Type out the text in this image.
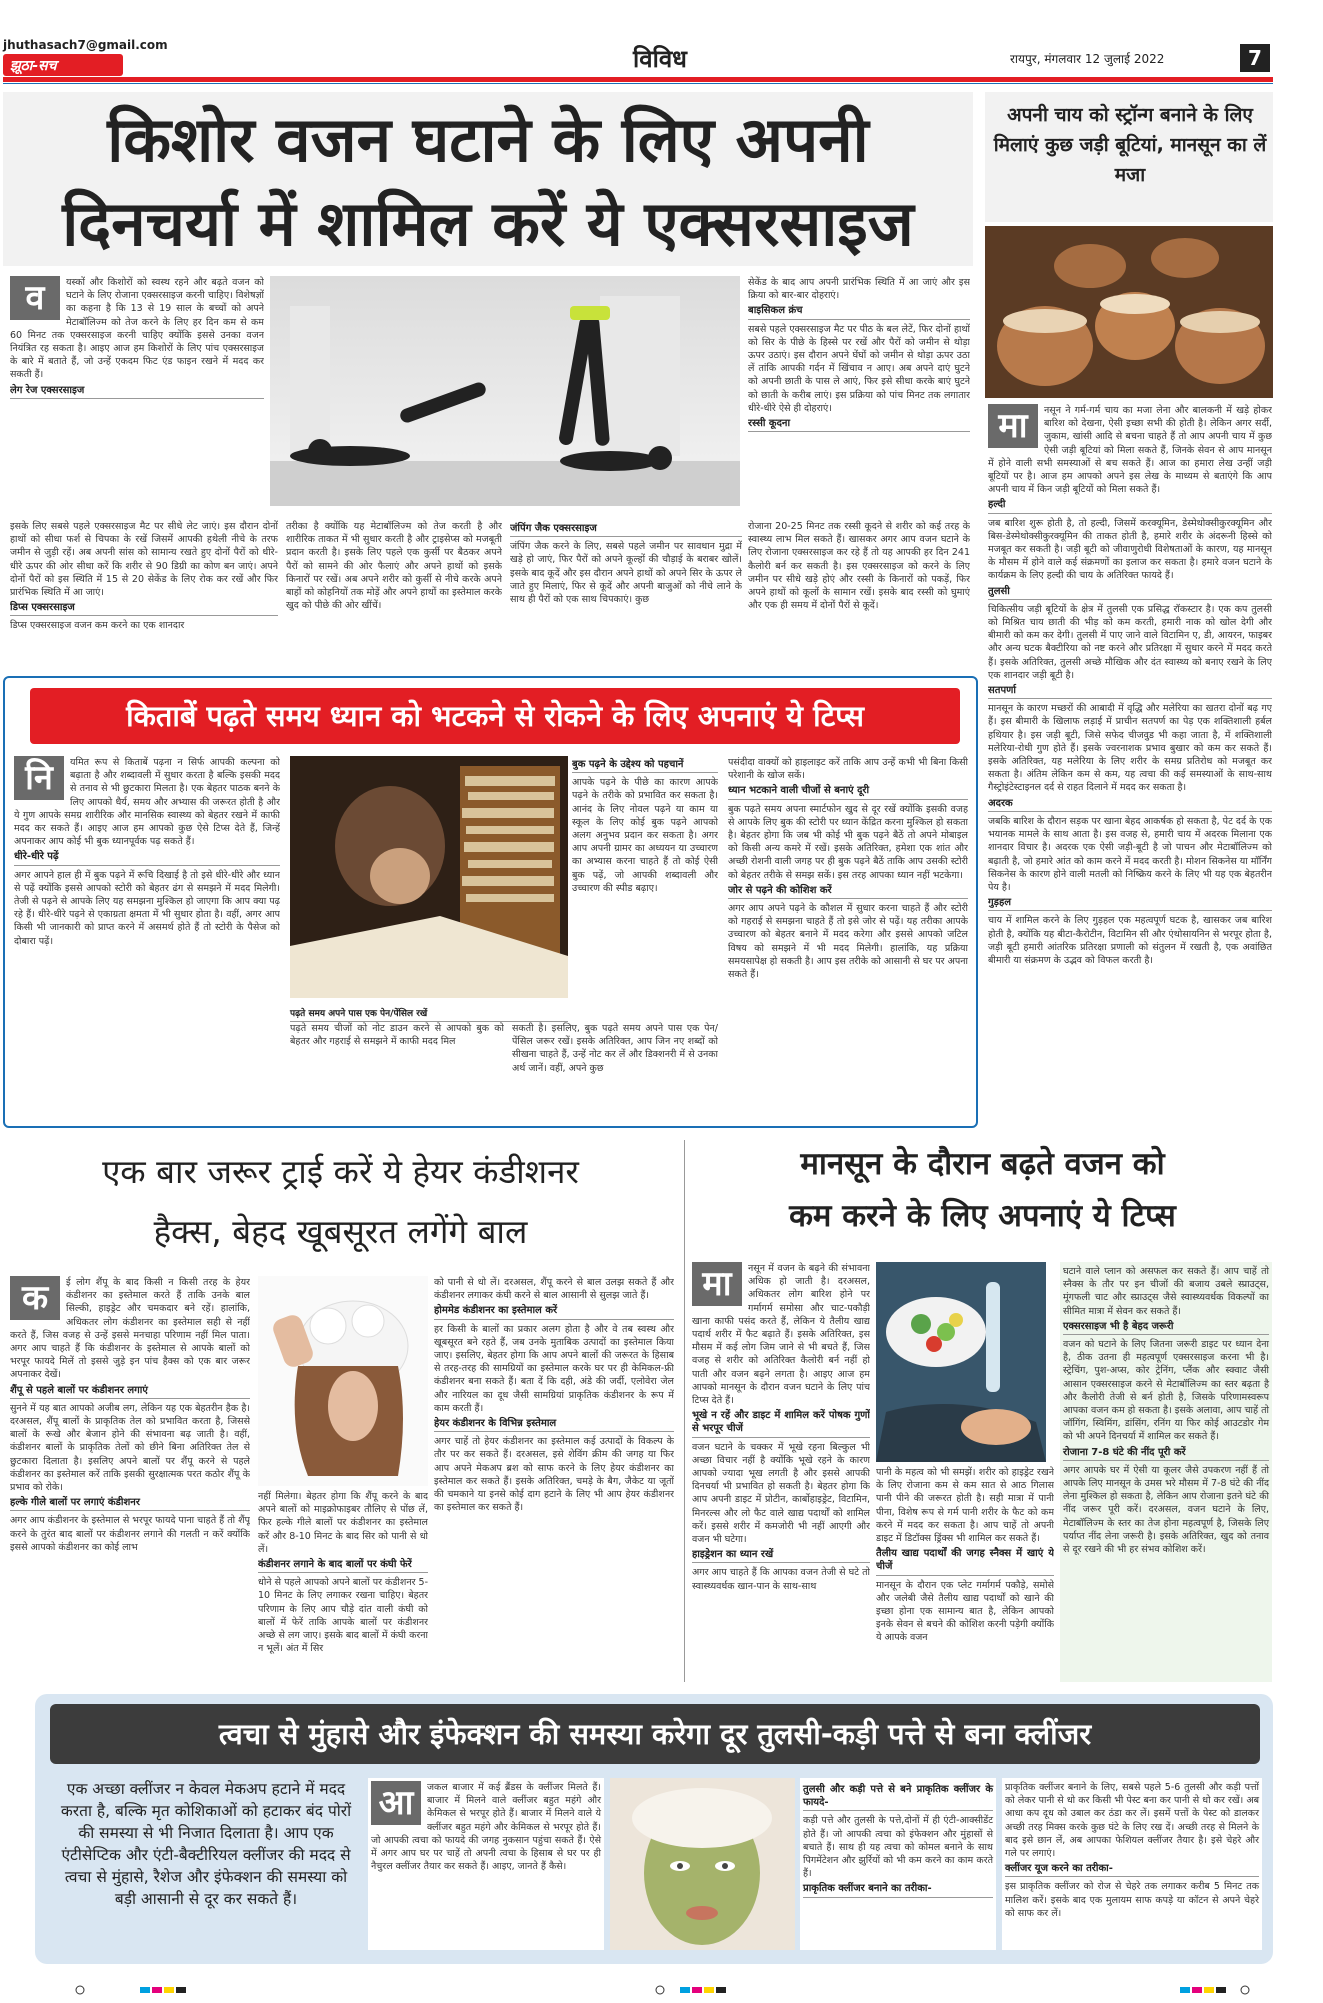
jhuthasach7@gmail.com
झूठा-सच	विविध	रायपुर, मंगलवार 12 जुलाई 2022	7
किशोर वजन घटाने के लिए अपनी
दिनचर्या में शामिल करें ये एक्सरसाइज
व	यस्कों और किशोरों को स्वस्थ रहने और बढ़ते वजन को घटाने के लिए रोजाना एक्सरसाइज करनी चाहिए। विशेषज्ञों का कहना है कि 13 से 19 साल के बच्चों को अपने मेटाबॉलिज्म को तेज करने के लिए हर दिन कम से कम 60 मिनट तक एक्सरसाइज करनी चाहिए क्योंकि इससे उनका वजन नियंत्रित रह सकता है। आइए आज हम किशोरों के लिए पांच एक्सरसाइज के बारे में बताते हैं, जो उन्हें एकदम फिट एंड फाइन रखने में मदद कर सकती हैं।

लेग रेज एक्सरसाइज

सेकेंड के बाद आप अपनी प्रारंभिक स्थिति में आ जाएं और इस क्रिया को बार-बार दोहराएं।

बाइसिकल क्रंच

सबसे पहले एक्सरसाइज मैट पर पीठ के बल लेटें, फिर दोनों हाथों को सिर के पीछे के हिस्से पर रखें और पैरों को जमीन से थोड़ा ऊपर उठाएं। इस दौरान अपने घेंघों को जमीन से थोड़ा ऊपर उठा लें तांकि आपकी गर्दन में खिंचाव न आए। अब अपने दाएं घुटने को अपनी छाती के पास ले आएं, फिर इसे सीधा करके बाएं घुटने को छाती के करीब लाएं। इस प्रक्रिया को पांच मिनट तक लगातार धीरे-धीरे ऐसे ही दोहराएं।

रस्सी कूदना

इसके लिए सबसे पहले एक्सरसाइज मैट पर सीधे लेट जाएं। इस दौरान दोनों हाथों को सीधा फर्श से चिपका के रखें जिसमें आपकी हथेली नीचे के तरफ जमीन से जुड़ी रहें। अब अपनी सांस को सामान्य रखते हुए दोनों पैरों को धीरे-धीरे ऊपर की ओर सीधा करें कि शरीर से 90 डिग्री का कोण बन जाएं। अपने दोनों पैरों को इस स्थिति में 15 से 20 सेकेंड के लिए रोक कर रखें और फिर प्रारंभिक स्थिति में आ जाएं।

डिप्स एक्सरसाइज

डिप्स एक्सरसाइज वजन कम करने का एक शानदार

तरीका है क्योंकि यह मेटाबॉलिज्म को तेज करती है और शारीरिक ताकत में भी सुधार करती है और ट्राइसेप्स को मजबूती प्रदान करती है। इसके लिए पहले एक कुर्सी पर बैठकर अपने पैरों को सामने की ओर फैलाएं और अपने हाथों को इसके किनारों पर रखें। अब अपने शरीर को कुर्सी से नीचे करके अपने बाहों को कोहनियों तक मोड़ें और अपने हाथों का इस्तेमाल करके खुद को पीछे की ओर खींचें।

जंपिंग जैक एक्सरसाइज

जंपिंग जैक करने के लिए, सबसे पहले जमीन पर सावधान मुद्रा में खड़े हो जाएं, फिर पैरों को अपने कूल्हों की चौड़ाई के बराबर खोलें। इसके बाद कूदें और इस दौरान अपने हाथों को अपने सिर के ऊपर ले जाते हुए मिलाएं, फिर से कूदें और अपनी बाजुओं को नीचे लाने के साथ ही पैरों को एक साथ चिपकाएं। कुछ

रोजाना 20-25 मिनट तक रस्सी कूदने से शरीर को कई तरह के स्वास्थ्य लाभ मिल सकते हैं। खासकर अगर आप वजन घटाने के लिए रोजाना एक्सरसाइज कर रहे हैं तो यह आपकी हर दिन 241 कैलोरी बर्न कर सकती है। इस एक्सरसाइज को करने के लिए जमीन पर सीधे खड़े होएं और रस्सी के किनारों को पकड़ें, फिर अपने हाथों को कूलों के सामान रखें। इसके बाद रस्सी को घुमाएं और एक ही समय में दोनों पैरों से कूदें।

अपनी चाय को स्ट्रॉन्ग बनाने के लिए मिलाएं कुछ जड़ी बूटियां, मानसून का लें मजा
मा	नसून ने गर्म-गर्म चाय का मजा लेना और बालकनी में खड़े होकर बारिश को देखना, ऐसी इच्छा सभी की होती है। लेकिन अगर सर्दी, जुकाम, खांसी आदि से बचना चाहते हैं तो आप अपनी चाय में कुछ ऐसी जड़ी बूटियां को मिला सकते हैं, जिनके सेवन से आप मानसून में होने वाली सभी समस्याओं से बच सकते हैं। आज का हमारा लेख उन्हीं जड़ी बूटियों पर है। आज हम आपको अपने इस लेख के माध्यम से बताएंगे कि आप अपनी चाय में किन जड़ी बूटियों को मिला सकते हैं।

हल्दी

जब बारिश शुरू होती है, तो हल्दी, जिसमें करक्यूमिन, डेस्मेथोक्सीकुरक्यूमिन और बिस-डेस्मेथोक्सीकुरक्यूमिन की ताकत होती है, हमारे शरीर के अंदरूनी हिस्से को मजबूत कर सकती है। जड़ी बूटी को जीवाणुरोधी विशेषताओं के कारण, यह मानसून के मौसम में होने वाले कई संक्रमणों का इलाज कर सकता है। हमारे वजन घटाने के कार्यक्रम के लिए हल्दी की चाय के अतिरिक्त फायदे हैं।

तुलसी

चिकित्सीय जड़ी बूटियों के क्षेत्र में तुलसी एक प्रसिद्ध रॉकस्टार है। एक कप तुलसी को मिश्रित चाय छाती की भीड़ को कम करती, हमारी नाक को खोल देगी और बीमारी को कम कर देगी। तुलसी में पाए जाने वाले विटामिन ए, डी, आयरन, फाइबर और अन्य घटक बैक्टीरिया को नष्ट करने और प्रतिरक्षा में सुधार करने में मदद करते हैं। इसके अतिरिक्त, तुलसी अच्छे मौखिक और दंत स्वास्थ्य को बनाए रखने के लिए एक शानदार जड़ी बूटी है।

सतपर्णा

मानसून के कारण मच्छरों की आबादी में वृद्धि और मलेरिया का खतरा दोनों बढ़ गए हैं। इस बीमारी के खिलाफ लड़ाई में प्राचीन सतपर्ण का पेड़ एक शक्तिशाली हर्बल हथियार है। इस जड़ी बूटी, जिसे सफेद चीजवुड भी कहा जाता है, में शक्तिशाली मलेरिया-रोधी गुण होते हैं। इसके ज्वरनाशक प्रभाव बुखार को कम कर सकते हैं। इसके अतिरिक्त, यह मलेरिया के लिए शरीर के समग्र प्रतिरोध को मजबूत कर सकता है। अंतिम लेकिन कम से कम, यह त्वचा की कई समस्याओं के साथ-साथ गैस्ट्रोइंटेस्टाइनल दर्द से राहत दिलाने में मदद कर सकता है।

अदरक

जबकि बारिश के दौरान सड़क पर खाना बेहद आकर्षक हो सकता है, पेट दर्द के एक भयानक मामले के साथ आता है। इस वजह से, हमारी चाय में अदरक मिलाना एक शानदार विचार है। अदरक एक ऐसी जड़ी-बूटी है जो पाचन और मेटाबॉलिज्म को बढ़ाती है, जो हमारे आंत को काम करने में मदद करती है। मोशन सिकनेस या मॉर्निंग सिकनेस के कारण होने वाली मतली को निष्क्रिय करने के लिए भी यह एक बेहतरीन पेय है।

गुड़हल

चाय में शामिल करने के लिए गुड़हल एक महत्वपूर्ण घटक है, खासकर जब बारिश होती है, क्योंकि यह बीटा-कैरोटीन, विटामिन सी और एंथोसायनिन से भरपूर होता है, जड़ी बूटी हमारी आंतरिक प्रतिरक्षा प्रणाली को संतुलन में रखती है, एक अवांछित बीमारी या संक्रमण के उद्भव को विफल करती है।

किताबें पढ़ते समय ध्यान को भटकने से रोकने के लिए अपनाएं ये टिप्स
नि	यमित रूप से किताबें पढ़ना न सिर्फ आपकी कल्पना को बढ़ाता है और शब्दावली में सुधार करता है बल्कि इसकी मदद से तनाव से भी छुटकारा मिलता है। एक बेहतर पाठक बनने के लिए आपको धैर्य, समय और अभ्यास की जरूरत होती है और ये गुण आपके समग्र शारीरिक और मानसिक स्वास्थ्य को बेहतर रखने में काफी मदद कर सकते हैं। आइए आज हम आपको कुछ ऐसे टिप्स देते हैं, जिन्हें अपनाकर आप कोई भी बुक ध्यानपूर्वक पढ़ सकते हैं।

धीरे-धीरे पढ़ें

अगर आपने हाल ही में बुक पढ़ने में रूचि दिखाई है तो इसे धीरे-धीरे और ध्यान से पढ़ें क्योंकि इससे आपको स्टोरी को बेहतर ढंग से समझने में मदद मिलेगी। तेजी से पढ़ने से आपके लिए यह समझना मुश्किल हो जाएगा कि आप क्या पढ़ रहे हैं। धीरे-धीरे पढ़ने से एकाग्रता क्षमता में भी सुधार होता है। वहीं, अगर आप किसी भी जानकारी को प्राप्त करने में असमर्थ होते हैं तो स्टोरी के पैसेज को दोबारा पढ़ें।

बुक पढ़ने के उद्देश्य को पहचानें

आपके पढ़ने के पीछे का कारण आपके पढ़ने के तरीके को प्रभावित कर सकता है। आनंद के लिए नोवल पढ़ने या काम या स्कूल के लिए कोई बुक पढ़ने आपको अलग अनुभव प्रदान कर सकता है। अगर आप अपनी ग्रामर का अध्ययन या उच्चारण का अभ्यास करना चाहते हैं तो कोई ऐसी बुक पढ़ें, जो आपकी शब्दावली और उच्चारण की स्पीड बढ़ाए।

पढ़ते समय अपने पास एक पेन/पेंसिल रखें

पढ़ते समय चीजों को नोट डाउन करने से आपको बुक को बेहतर और गहराई से समझने में काफी मदद मिल

सकती है। इसलिए, बुक पढ़ते समय अपने पास एक पेन/पेंसिल जरूर रखें। इसके अतिरिक्त, आप जिन नए शब्दों को सीखना चाहते हैं, उन्हें नोट कर लें और डिक्शनरी में से उनका अर्थ जानें। वहीं, अपने कुछ

पसंदीदा वाक्यों को हाइलाइट करें ताकि आप उन्हें कभी भी बिना किसी परेशानी के खोज सकें।

ध्यान भटकाने वाली चीजों से बनाएं दूरी

बुक पढ़ते समय अपना स्मार्टफोन खुद से दूर रखें क्योंकि इसकी वजह से आपके लिए बुक की स्टोरी पर ध्यान केंद्रित करना मुश्किल हो सकता है। बेहतर होगा कि जब भी कोई भी बुक पढ़ने बैठें तो अपने मोबाइल को किसी अन्य कमरे में रखें। इसके अतिरिक्त, हमेशा एक शांत और अच्छी रोशनी वाली जगह पर ही बुक पढ़ने बैठें ताकि आप उसकी स्टोरी को बेहतर तरीके से समझ सकें। इस तरह आपका ध्यान नहीं भटकेगा।

जोर से पढ़ने की कोशिश करें

अगर आप अपने पढ़ने के कौशल में सुधार करना चाहते हैं और स्टोरी को गहराई से समझना चाहते हैं तो इसे जोर से पढ़ें। यह तरीका आपके उच्चारण को बेहतर बनाने में मदद करेगा और इससे आपको जटिल विषय को समझने में भी मदद मिलेगी। हालांकि, यह प्रक्रिया समयसापेक्ष हो सकती है। आप इस तरीके को आसानी से घर पर अपना सकते हैं।

एक बार जरूर ट्राई करें ये हेयर कंडीशनर
हैक्स, बेहद खूबसूरत लगेंगे बाल
क	ई लोग शैंपू के बाद किसी न किसी तरह के हेयर कंडीशनर का इस्तेमाल करते हैं ताकि उनके बाल सिल्की, हाइड्रेट और चमकदार बने रहें। हालांकि, अधिकतर लोग कंडीशनर का इस्तेमाल सही से नहीं करते हैं, जिस वजह से उन्हें इससे मनचाहा परिणाम नहीं मिल पाता। अगर आप चाहते हैं कि कंडीशनर के इस्तेमाल से आपके बालों को भरपूर फायदे मिलें तो इससे जुड़े इन पांच हैक्स को एक बार जरूर अपनाकर देखें।

शैंपू से पहले बालों पर कंडीशनर लगाएं

सुनने में यह बात आपको अजीब लग, लेकिन यह एक बेहतरीन हैक है। दरअसल, शैंपू बालों के प्राकृतिक तेल को प्रभावित करता है, जिससे बालों के रूखे और बेजान होने की संभावना बढ़ जाती है। वहीं, कंडीशनर बालों के प्राकृतिक तेलों को छीने बिना अतिरिक्त तेल से छुटकारा दिलाता है। इसलिए अपने बालों पर शैंपू करने से पहले कंडीशनर का इस्तेमाल करें ताकि इसकी सुरक्षात्मक परत कठोर शैंपू के प्रभाव को रोके।

हल्के गीले बालों पर लगाएं कंडीशनर

अगर आप कंडीशनर के इस्तेमाल से भरपूर फायदे पाना चाहते हैं तो शैंपू करने के तुरंत बाद बालों पर कंडीशनर लगाने की गलती न करें क्योंकि इससे आपको कंडीशनर का कोई लाभ

नहीं मिलेगा। बेहतर होगा कि शैंपू करने के बाद अपने बालों को माइक्रोफाइबर तौलिए से पोंछ लें, फिर हल्के गीले बालों पर कंडीशनर का इस्तेमाल करें और 8-10 मिनट के बाद सिर को पानी से धो लें।

कंडीशनर लगाने के बाद बालों पर कंघी फेरें

धोने से पहले आपको अपने बालों पर कंडीशनर 5-10 मिनट के लिए लगाकर रखना चाहिए। बेहतर परिणाम के लिए आप चौड़े दांत वाली कंघी को बालों में फेरें ताकि आपके बालों पर कंडीशनर अच्छे से लग जाए। इसके बाद बालों में कंघी करना न भूलें। अंत में सिर

को पानी से धो लें। दरअसल, शैंपू करने से बाल उलझ सकते हैं और कंडीशनर लगाकर कंघी करने से बाल आसानी से सुलझ जाते हैं।

होममेड कंडीशनर का इस्तेमाल करें

हर किसी के बालों का प्रकार अलग होता है और वे तब स्वस्थ और खूबसूरत बने रहते हैं, जब उनके मुताबिक उत्पादों का इस्तेमाल किया जाए। इसलिए, बेहतर होगा कि आप अपने बालों की जरूरत के हिसाब से तरह-तरह की सामग्रियों का इस्तेमाल करके घर पर ही केमिकल-फ्री कंडीशनर बना सकते हैं। बता दें कि दही, अंडे की जर्दी, एलोवेरा जेल और नारियल का दूध जैसी सामग्रियां प्राकृतिक कंडीशनर के रूप में काम करती हैं।

हेयर कंडीशनर के विभिन्न इस्तेमाल

अगर चाहें तो हेयर कंडीशनर का इस्तेमाल कई उत्पादों के विकल्प के तौर पर कर सकते हैं। दरअसल, इसे शेविंग क्रीम की जगह या फिर आप अपने मेकअप ब्रश को साफ करने के लिए हेयर कंडीशनर का इस्तेमाल कर सकते हैं। इसके अतिरिक्त, चमड़े के बैग, जैकेट या जूतों की चमकाने या इनसे कोई दाग हटाने के लिए भी आप हेयर कंडीशनर का इस्तेमाल कर सकते हैं।

मानसून के दौरान बढ़ते वजन को
कम करने के लिए अपनाएं ये टिप्स
मा	नसून में वजन के बढ़ने की संभावना अधिक हो जाती है। दरअसल, अधिकतर लोग बारिश होने पर गर्मागर्म समोसा और चाट-पकौड़ी खाना काफी पसंद करते हैं, लेकिन ये तैलीय खाद्य पदार्थ शरीर में फैट बढ़ाते हैं। इसके अतिरिक्त, इस मौसम में कई लोग जिम जाने से भी बचते हैं, जिस वजह से शरीर को अतिरिक्त कैलोरी बर्न नहीं हो पाती और वजन बढ़ने लगता है। आइए आज हम आपको मानसून के दौरान वजन घटाने के लिए पांच टिप्स देते हैं।

भूखे न रहें और डाइट में शामिल करें पोषक गुणों से भरपूर चीजें

वजन घटाने के चक्कर में भूखे रहना बिल्कुल भी अच्छा विचार नहीं है क्योंकि भूखे रहने के कारण आपको ज्यादा भूख लगती है और इससे आपकी दिनचर्या भी प्रभावित हो सकती है। बेहतर होगा कि आप अपनी डाइट में प्रोटीन, कार्बोहाइड्रेट, विटामिन, मिनरल्स और लो फैट वाले खाद्य पदार्थों को शामिल करें। इससे शरीर में कमजोरी भी नहीं आएगी और वजन भी घटेगा।

हाइड्रेशन का ध्यान रखें

अगर आप चाहते हैं कि आपका वजन तेजी से घटे तो स्वास्थ्यवर्धक खान-पान के साथ-साथ

पानी के महत्व को भी समझें। शरीर को हाइड्रेट रखने के लिए रोजाना कम से कम सात से आठ गिलास पानी पीने की जरूरत होती है। सही मात्रा में पानी पीना, विशेष रूप से गर्म पानी शरीर के फैट को कम करने में मदद कर सकता है। आप चाहें तो अपनी डाइट में डिटॉक्स ड्रिंक्स भी शामिल कर सकते हैं।

तैलीय खाद्य पदार्थों की जगह स्नैक्स में खाएं ये चीजें

मानसून के दौरान एक प्लेट गर्मागर्म पकौड़े, समोसे और जलेबी जैसे तैलीय खाद्य पदार्थों को खाने की इच्छा होना एक सामान्य बात है, लेकिन आपको इनके सेवन से बचने की कोशिश करनी पड़ेगी क्योंकि ये आपके वजन

घटाने वाले प्लान को असफल कर सकते हैं। आप चाहें तो स्नैक्स के तौर पर इन चीजों की बजाय उबले स्प्राउट्स, मूंगफली चाट और स्प्राउट्स जैसे स्वास्थ्यवर्धक विकल्पों का सीमित मात्रा में सेवन कर सकते हैं।

एक्सरसाइज भी है बेहद जरूरी

वजन को घटाने के लिए जितना जरूरी डाइट पर ध्यान देना है, ठीक उतना ही महत्वपूर्ण एक्सरसाइज करना भी है। स्ट्रेचिंग, पुश-अप्स, कोर ट्रेनिंग, प्लैंक और स्क्वाट जैसी आसान एक्सरसाइज करने से मेटाबॉलिज्म का स्तर बढ़ता है और कैलोरी तेजी से बर्न होती है, जिसके परिणामस्वरूप आपका वजन कम हो सकता है। इसके अलावा, आप चाहें तो जॉगिंग, स्विमिंग, डांसिंग, रनिंग या फिर कोई आउटडोर गेम को भी अपने दिनचर्या में शामिल कर सकते हैं।

रोजाना 7-8 घंटे की नींद पूरी करें

अगर आपके घर में ऐसी या कूलर जैसे उपकरण नहीं हैं तो आपके लिए मानसून के उमस भरे मौसम में 7-8 घंटे की नींद लेना मुश्किल हो सकता है, लेकिन आप रोजाना इतने घंटे की नींद जरूर पूरी करें। दरअसल, वजन घटाने के लिए, मेटाबॉलिज्म के स्तर का तेज होना महत्वपूर्ण है, जिसके लिए पर्याप्त नींद लेना जरूरी है। इसके अतिरिक्त, खुद को तनाव से दूर रखने की भी हर संभव कोशिश करें।

त्वचा से मुंहासे और इंफेक्शन की समस्या करेगा दूर तुलसी-कड़ी पत्ते से बना क्लींजर
एक अच्छा क्लींजर न केवल मेकअप हटाने में मदद करता है, बल्कि मृत कोशिकाओं को हटाकर बंद पोरों की समस्या से भी निजात दिलाता है। आप एक एंटीसेप्टिक और एंटी-बैक्टीरियल क्लींजर की मदद से त्वचा से मुंहासे, रैशेज और इंफेक्शन की समस्या को बड़ी आसानी से दूर कर सकते हैं।
आ	जकल बाजार में कई ब्रैंडस के क्लींजर मिलते हैं। बाजार में मिलने वाले क्लींजर बहुत महंगे और केमिकल से भरपूर होते हैं। बाजार में मिलने वाले ये क्लींजर बहुत महंगे और केमिकल से भरपूर होते हैं। जो आपकी त्वचा को फायदे की जगह नुकसान पहुंचा सकते हैं। ऐसे में अगर आप घर पर चाहें तो अपनी त्वचा के हिसाब से घर पर ही नैचुरल क्लींजर तैयार कर सकते हैं। आइए, जानते हैं कैसे।

तुलसी और कड़ी पत्ते से बने प्राकृतिक क्लींजर के फायदे-

कड़ी पत्ते और तुलसी के पत्ते,दोनों में ही एंटी-आक्सीडेंट होते हैं। जो आपकी त्वचा को इंफेक्शन और मुंहासों से बचाते हैं। साथ ही यह त्वचा को कोमल बनाने के साथ पिगमेंटेशन और झुर्रियों को भी कम करने का काम करते हैं।

प्राकृतिक क्लींजर बनाने का तरीका-

प्राकृतिक क्लींजर बनाने के लिए, सबसे पहले 5-6 तुलसी और कड़ी पत्तों को लेकर पानी से धो कर किसी भी पेस्ट बना कर पानी से धो कर रखें। अब आधा कप दूध को उबाल कर ठंडा कर लें। इसमें पत्तों के पेस्ट को डालकर अच्छी तरह मिक्स करके कुछ घंटे के लिए रख दें। अच्छी तरह से मिलने के बाद इसे छान लें, अब आपका फेशियल क्लींजर तैयार है। इसे चेहरे और गले पर लगाएं।

क्लींजर यूज करने का तरीका-

इस प्राकृतिक क्लींजर को रोज से चेहरे तक लगाकर करीब 5 मिनट तक मालिश करें। इसके बाद एक मुलायम साफ कपड़े या कॉटन से अपने चेहरे को साफ कर लें।
